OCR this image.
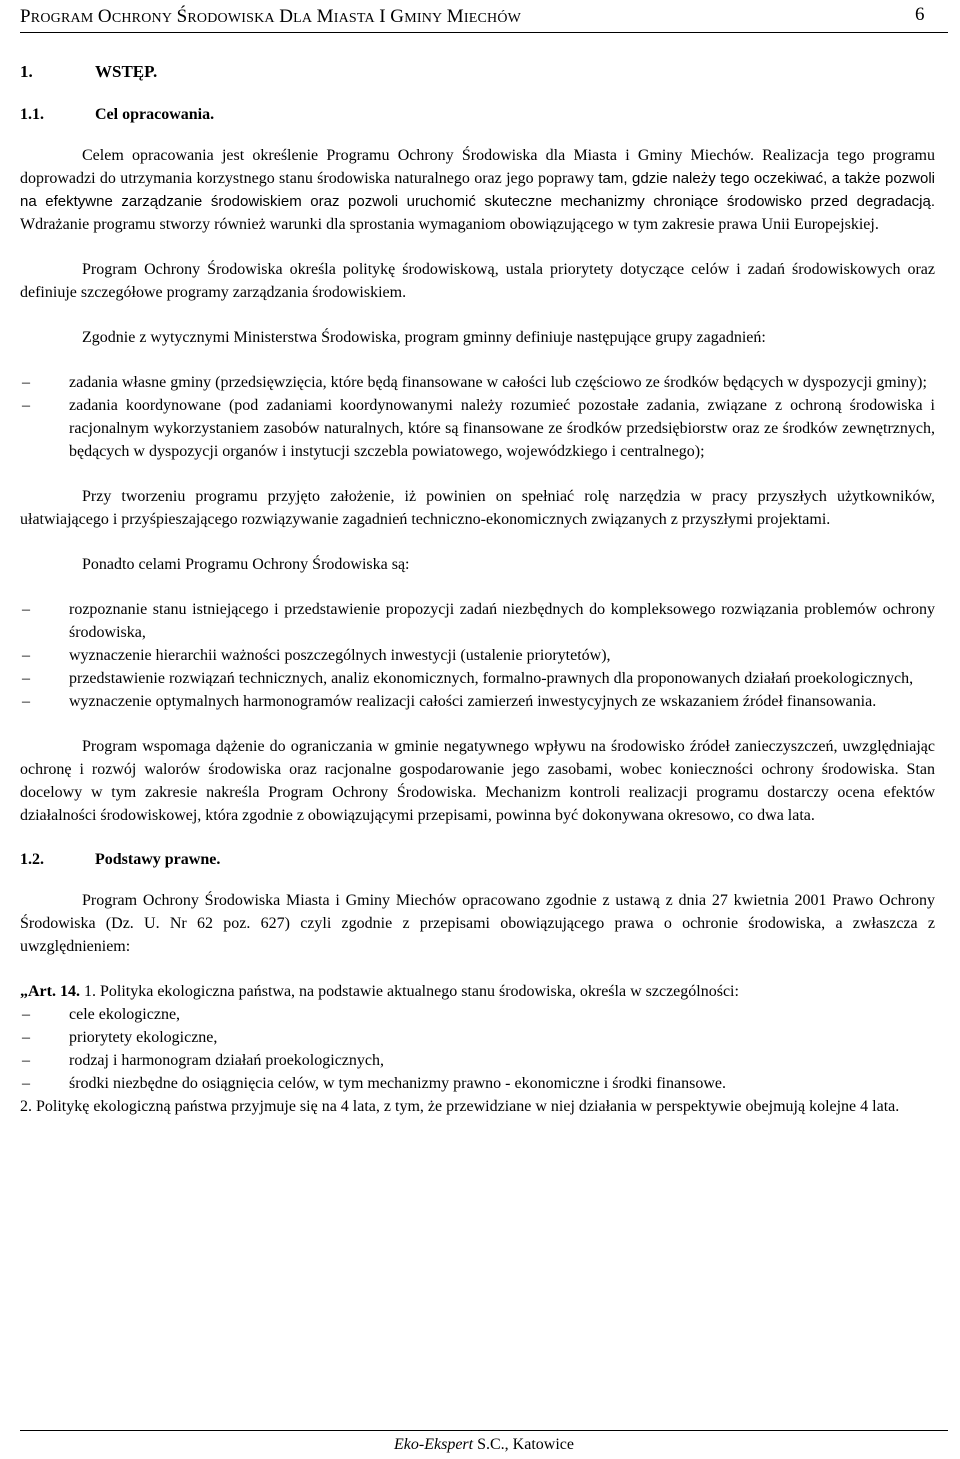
PROGRAM OCHRONY ŚRODOWISKA DLA MIASTA I GMINY MIECHÓW	6
1.	WSTĘP.
1.1.	Cel opracowania.

Celem opracowania jest określenie Programu Ochrony Środowiska dla Miasta i Gminy Miechów. Realizacja tego programu doprowadzi do utrzymania korzystnego stanu środowiska naturalnego oraz jego poprawy tam, gdzie należy tego oczekiwać, a także pozwoli na efektywne zarządzanie środowiskiem oraz pozwoli uruchomić skuteczne mechanizmy chroniące środowisko przed degradacją. Wdrażanie programu stworzy również warunki dla sprostania wymaganiom obowiązującego w tym zakresie prawa Unii Europejskiej.

Program Ochrony Środowiska określa politykę środowiskową, ustala priorytety dotyczące celów i zadań środowiskowych oraz definiuje szczegółowe programy zarządzania środowiskiem.

Zgodnie z wytycznymi Ministerstwa Środowiska, program gminny definiuje następujące grupy zagadnień:

–	zadania własne gminy (przedsięwzięcia, które będą finansowane w całości lub częściowo ze środków będących w dyspozycji gminy);
–	zadania koordynowane (pod zadaniami koordynowanymi należy rozumieć pozostałe zadania, związane z ochroną środowiska i racjonalnym wykorzystaniem zasobów naturalnych, które są finansowane ze środków przedsiębiorstw oraz ze środków zewnętrznych, będących w dyspozycji organów i instytucji szczebla powiatowego, wojewódzkiego i centralnego);

Przy tworzeniu programu przyjęto założenie, iż powinien on spełniać rolę narzędzia w pracy przyszłych użytkowników, ułatwiającego i przyśpieszającego rozwiązywanie zagadnień techniczno-ekonomicznych związanych z przyszłymi projektami.

Ponadto celami Programu Ochrony Środowiska są:

–	rozpoznanie stanu istniejącego i przedstawienie propozycji zadań niezbędnych do kompleksowego rozwiązania problemów ochrony środowiska,
–	wyznaczenie hierarchii ważności poszczególnych inwestycji (ustalenie priorytetów),
–	przedstawienie rozwiązań technicznych, analiz ekonomicznych, formalno-prawnych dla proponowanych działań proekologicznych,
–	wyznaczenie optymalnych harmonogramów realizacji całości zamierzeń inwestycyjnych ze wskazaniem źródeł finansowania.

Program wspomaga dążenie do ograniczania w gminie negatywnego wpływu na środowisko źródeł zanieczyszczeń, uwzględniając ochronę i rozwój walorów środowiska oraz racjonalne gospodarowanie jego zasobami, wobec konieczności ochrony środowiska. Stan docelowy w tym zakresie nakreśla Program Ochrony Środowiska. Mechanizm kontroli realizacji programu dostarczy ocena efektów działalności środowiskowej, która zgodnie z obowiązującymi przepisami, powinna być dokonywana okresowo, co dwa lata.

1.2.	Podstawy prawne.

Program Ochrony Środowiska Miasta i Gminy Miechów opracowano zgodnie z ustawą z dnia 27 kwietnia 2001 Prawo Ochrony Środowiska (Dz. U. Nr 62 poz. 627) czyli zgodnie z przepisami obowiązującego prawa o ochronie środowiska, a zwłaszcza z uwzględnieniem:

„Art. 14. 1. Polityka ekologiczna państwa, na podstawie aktualnego stanu środowiska, określa w szczególności:

–	cele ekologiczne,
–	priorytety ekologiczne,
–	rodzaj i harmonogram działań proekologicznych,
–	środki niezbędne do osiągnięcia celów, w tym mechanizmy prawno - ekonomiczne i środki finansowe.

2. Politykę ekologiczną państwa przyjmuje się na 4 lata, z tym, że przewidziane w niej działania w perspektywie obejmują kolejne 4 lata.

Eko-Ekspert S.C., Katowice
